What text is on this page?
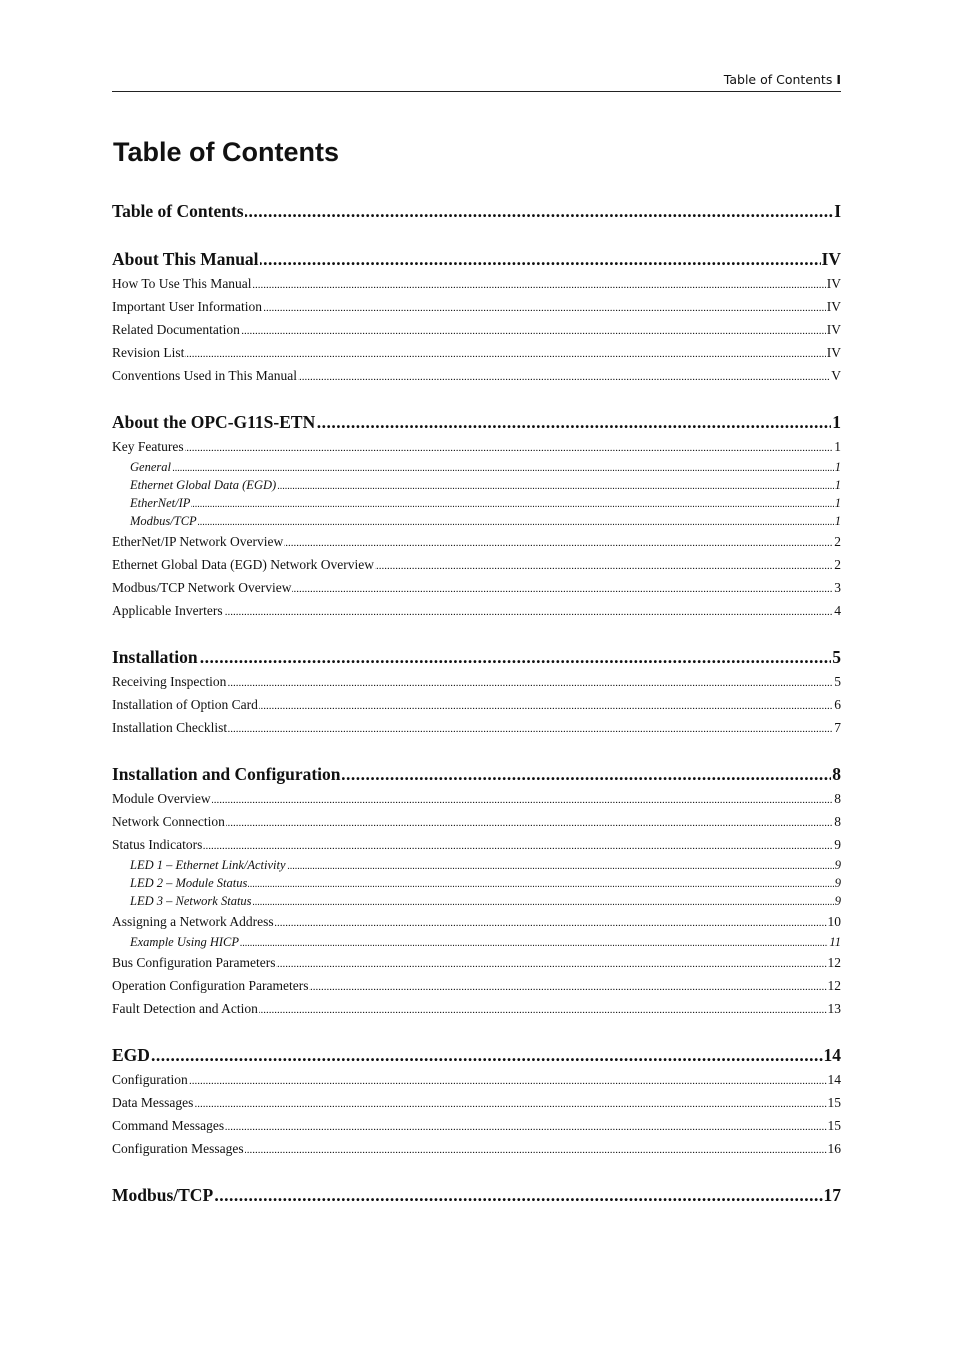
Table of Contents I
Table of Contents
.....
Table of Contents	I
.....
About This Manual	IV
.....
How To Use This Manual	IV
.....
Important User Information	IV
.....
Related Documentation	IV
.....
Revision List	IV
.....
Conventions Used in This Manual	V
.....
About the OPC-G11S-ETN	1
.....
Key Features	1
.....
General	1
.....
Ethernet Global Data (EGD)	1
.....
EtherNet/IP	1
.....
Modbus/TCP	1
.....
EtherNet/IP Network Overview	2
.....
Ethernet Global Data (EGD) Network Overview	2
.....
Modbus/TCP Network Overview	3
.....
Applicable Inverters	4
.....
Installation	5
.....
Receiving Inspection	5
.....
Installation of Option Card	6
.....
Installation Checklist	7
.....
Installation and Configuration	8
.....
Module Overview	8
.....
Network Connection	8
.....
Status Indicators	9
.....
LED 1 – Ethernet Link/Activity	9
.....
LED 2 – Module Status	9
.....
LED 3 – Network Status	9
.....
Assigning a Network Address	10
.....
Example Using HICP	11
.....
Bus Configuration Parameters	12
.....
Operation Configuration Parameters	12
.....
Fault Detection and Action	13
.....
EGD	14
.....
Configuration	14
.....
Data Messages	15
.....
Command Messages	15
.....
Configuration Messages	16
.....
Modbus/TCP	17
